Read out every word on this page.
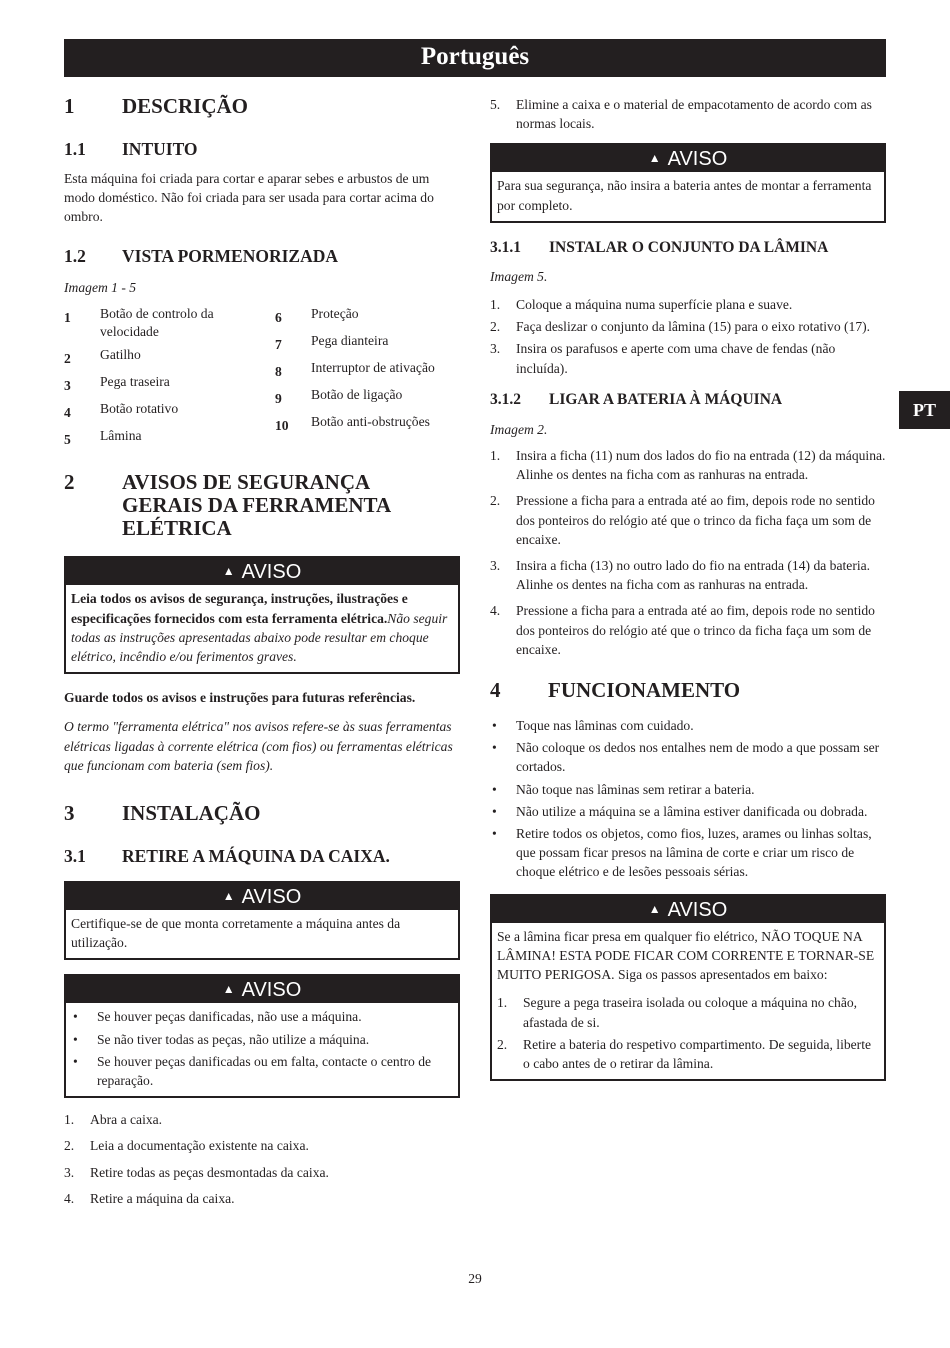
Português
1	DESCRIÇÃO
1.1	INTUITO

Esta máquina foi criada para cortar e aparar sebes e arbustos de um modo doméstico. Não foi criada para ser usada para cortar acima do ombro.

1.2	VISTA PORMENORIZADA

Imagem 1 - 5

1	Botão de controlo da velocidade
2	Gatilho
3	Pega traseira
4	Botão rotativo
5	Lâmina
6	Proteção
7	Pega dianteira
8	Interruptor de ativação
9	Botão de ligação
10	Botão anti-obstruções
2	AVISOS DE SEGURANÇA GERAIS DA FERRAMENTA ELÉTRICA
▲ AVISO

Leia todos os avisos de segurança, instruções, ilustrações e especificações fornecidos com esta ferramenta elétrica.Não seguir todas as instruções apresentadas abaixo pode resultar em choque elétrico, incêndio e/ou ferimentos graves.

Guarde todos os avisos e instruções para futuras referências.

O termo "ferramenta elétrica" nos avisos refere-se às suas ferramentas elétricas ligadas à corrente elétrica (com fios) ou ferramentas elétricas que funcionam com bateria (sem fios).

3	INSTALAÇÃO
3.1	RETIRE A MÁQUINA DA CAIXA.
▲ AVISO

Certifique-se de que monta corretamente a máquina antes da utilização.

▲ AVISO
•	Se houver peças danificadas, não use a máquina.
•	Se não tiver todas as peças, não utilize a máquina.
•	Se houver peças danificadas ou em falta, contacte o centro de reparação.
1.	Abra a caixa.
2.	Leia a documentação existente na caixa.
3.	Retire todas as peças desmontadas da caixa.
4.	Retire a máquina da caixa.
5.	Elimine a caixa e o material de empacotamento de acordo com as normas locais.
▲ AVISO

Para sua segurança, não insira a bateria antes de montar a ferramenta por completo.

3.1.1	INSTALAR O CONJUNTO DA LÂMINA

Imagem 5.

1.	Coloque a máquina numa superfície plana e suave.
2.	Faça deslizar o conjunto da lâmina (15) para o eixo rotativo (17).
3.	Insira os parafusos e aperte com uma chave de fendas (não incluída).
3.1.2	LIGAR A BATERIA À MÁQUINA

Imagem 2.

1.	Insira a ficha (11) num dos lados do fio na entrada (12) da máquina. Alinhe os dentes na ficha com as ranhuras na entrada.
2.	Pressione a ficha para a entrada até ao fim, depois rode no sentido dos ponteiros do relógio até que o trinco da ficha faça um som de encaixe.
3.	Insira a ficha (13) no outro lado do fio na entrada (14) da bateria. Alinhe os dentes na ficha com as ranhuras na entrada.
4.	Pressione a ficha para a entrada até ao fim, depois rode no sentido dos ponteiros do relógio até que o trinco da ficha faça um som de encaixe.
4	FUNCIONAMENTO
•	Toque nas lâminas com cuidado.
•	Não coloque os dedos nos entalhes nem de modo a que possam ser cortados.
•	Não toque nas lâminas sem retirar a bateria.
•	Não utilize a máquina se a lâmina estiver danificada ou dobrada.
•	Retire todos os objetos, como fios, luzes, arames ou linhas soltas, que possam ficar presos na lâmina de corte e criar um risco de choque elétrico e de lesões pessoais sérias.
▲ AVISO

Se a lâmina ficar presa em qualquer fio elétrico, NÃO TOQUE NA LÂMINA! ESTA PODE FICAR COM CORRENTE E TORNAR-SE MUITO PERIGOSA. Siga os passos apresentados em baixo:

1.	Segure a pega traseira isolada ou coloque a máquina no chão, afastada de si.
2.	Retire a bateria do respetivo compartimento. De seguida, liberte o cabo antes de o retirar da lâmina.
PT
29
